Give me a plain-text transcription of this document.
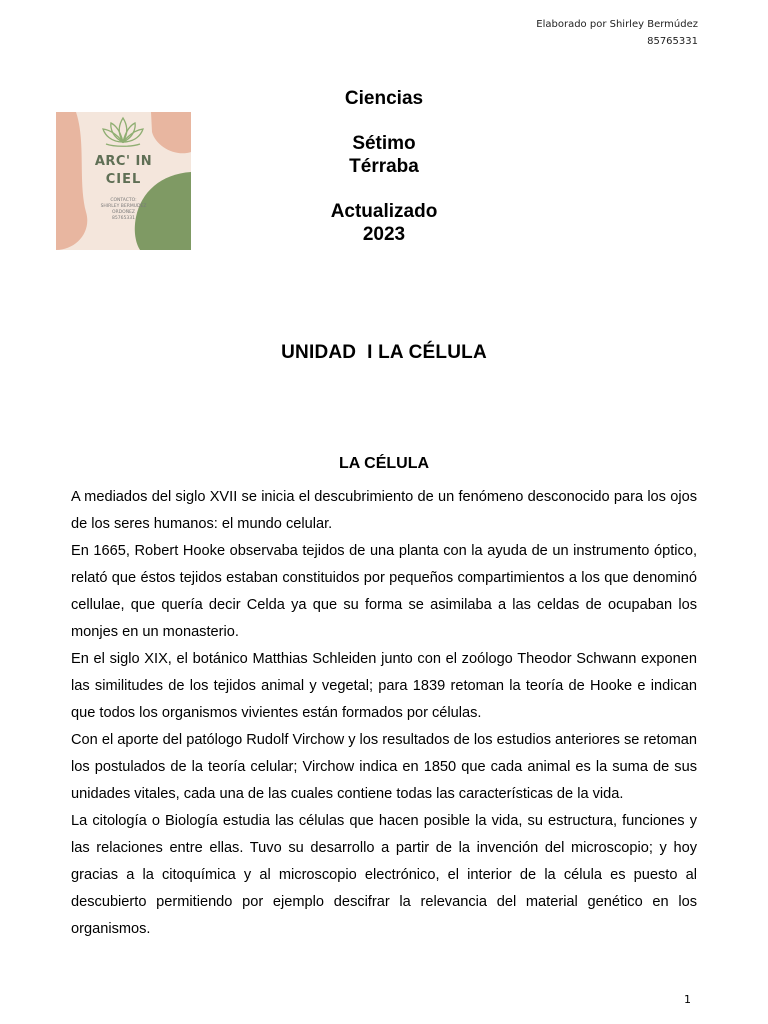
Elaborado por Shirley Bermúdez
85765331
ARC' IN
CIEL
CONTACTO:
SHIRLEY BERMUDEZ
ORDOÑEZ
85765331
Ciencias
Sétimo
Térraba
Actualizado
2023
UNIDAD  I LA CÉLULA
LA CÉLULA

A mediados del siglo XVII se inicia el descubrimiento de un fenómeno desconocido para los ojos de los seres humanos: el mundo celular.

En 1665, Robert Hooke observaba tejidos de una planta con la ayuda de un instrumento óptico, relató que éstos tejidos estaban constituidos por pequeños compartimientos a los que denominó cellulae, que quería decir Celda ya que su forma se asimilaba a las celdas de ocupaban los monjes en un monasterio.

En el siglo XIX, el botánico Matthias Schleiden junto con el zoólogo Theodor Schwann exponen las similitudes de los tejidos animal y vegetal; para 1839 retoman la teoría de Hooke e indican que todos los organismos vivientes están formados por células.

Con el aporte del patólogo Rudolf Virchow y los resultados de los estudios anteriores se retoman los postulados de la teoría celular; Virchow indica en 1850 que cada animal es la suma de sus unidades vitales, cada una de las cuales contiene todas las características de la vida.

La citología o Biología estudia las células que hacen posible la vida, su estructura, funciones y las relaciones entre ellas. Tuvo su desarrollo a partir de la invención del microscopio; y hoy gracias a la citoquímica y al microscopio electrónico, el interior de la célula es puesto al descubierto permitiendo por ejemplo descifrar la relevancia del material genético en los organismos.

1
